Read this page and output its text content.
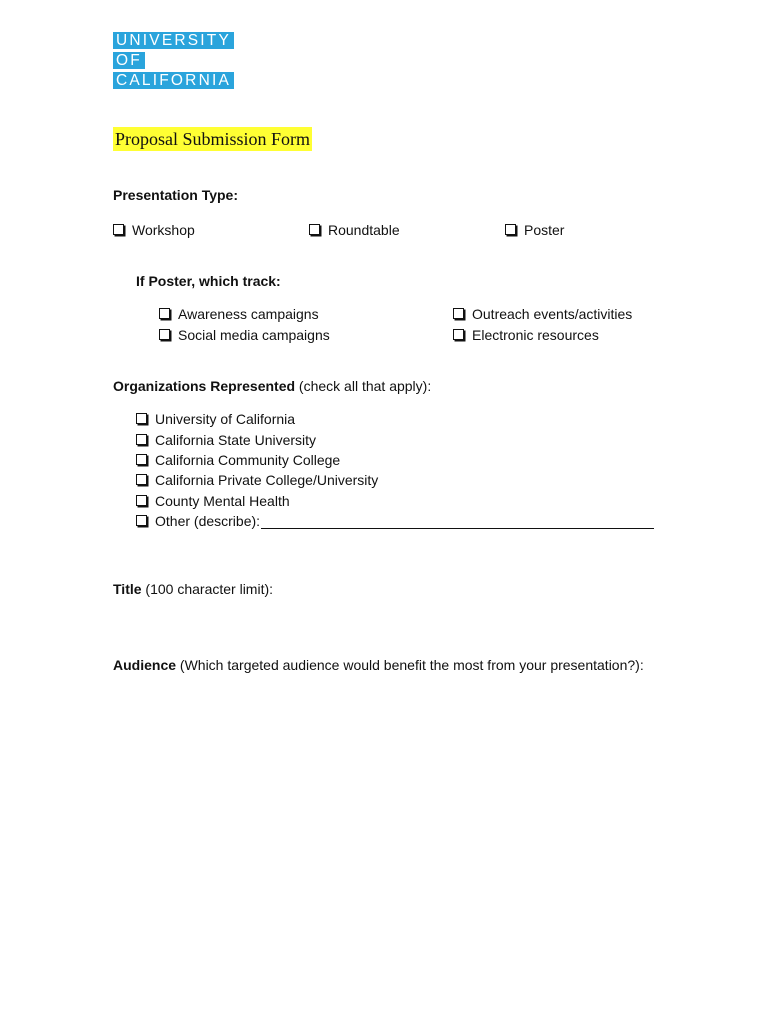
UNIVERSITY
OF
CALIFORNIA
Proposal Submission Form
Presentation Type:
Workshop	Roundtable	Poster
If Poster, which track:
Awareness campaigns
Social media campaigns
Outreach events/activities
Electronic resources
Organizations Represented (check all that apply):
University of California
California State University
California Community College
California Private College/University
County Mental Health
Other (describe):
Title (100 character limit):
Audience (Which targeted audience would benefit the most from your presentation?):
